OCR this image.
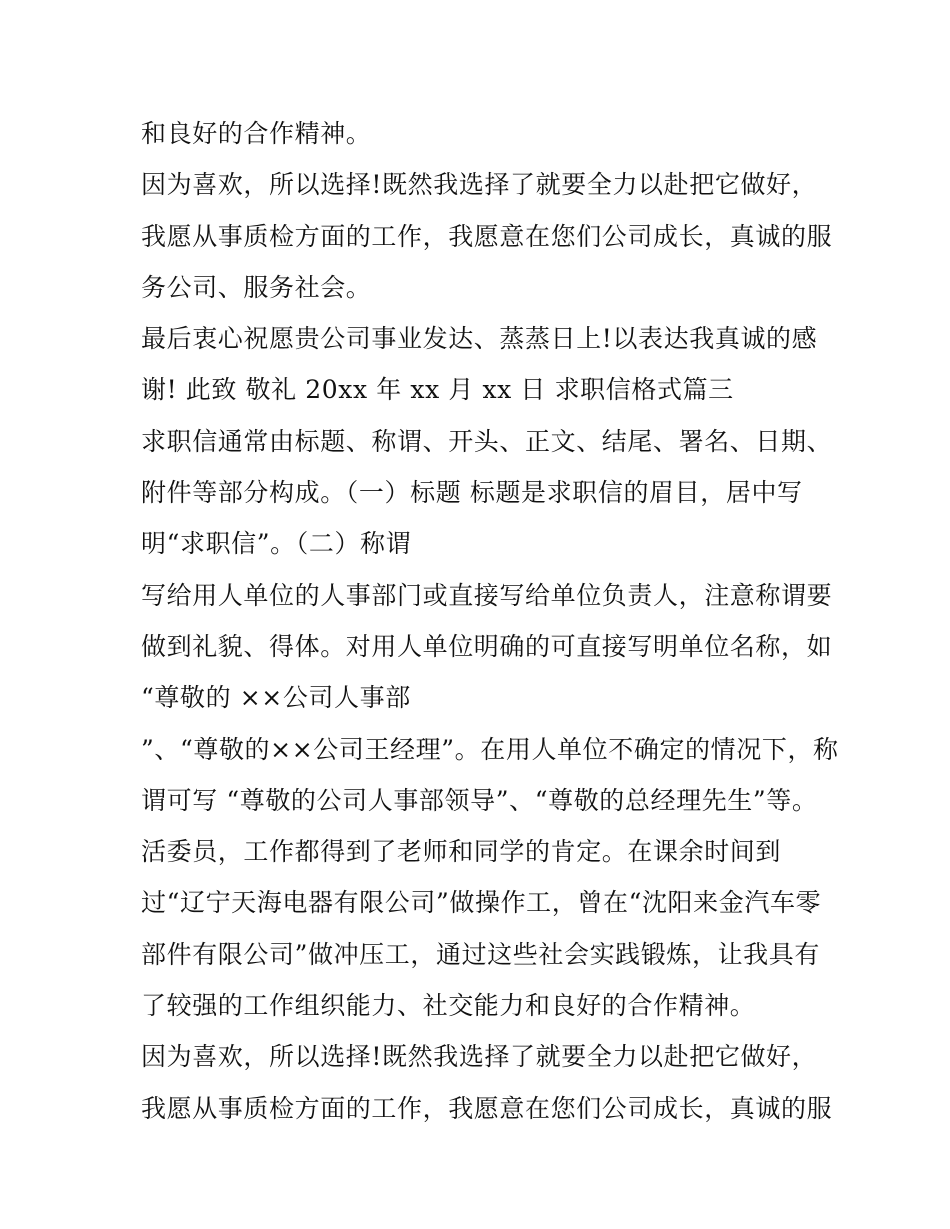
和良好的合作精神。
因为喜欢，所以选择!既然我选择了就要全力以赴把它做好，
我愿从事质检方面的工作，我愿意在您们公司成长，真诚的服
务公司、服务社会。
最后衷心祝愿贵公司事业发达、蒸蒸日上!以表达我真诚的感
谢! 此致 敬礼 20xx 年 xx 月 xx 日 求职信格式篇三
求职信通常由标题、称谓、开头、正文、结尾、署名、日期、
附件等部分构成。（一）标题 标题是求职信的眉目，居中写
明“求职信”。（二）称谓
写给用人单位的人事部门或直接写给单位负责人，注意称谓要
做到礼貌、得体。对用人单位明确的可直接写明单位名称，如
“尊敬的 ××公司人事部
”、“尊敬的××公司王经理”。在用人单位不确定的情况下，称
谓可写 “尊敬的公司人事部领导”、“尊敬的总经理先生”等。
活委员，工作都得到了老师和同学的肯定。在课余时间到
过“辽宁天海电器有限公司”做操作工，曾在“沈阳来金汽车零
部件有限公司”做冲压工，通过这些社会实践锻炼，让我具有
了较强的工作组织能力、社交能力和良好的合作精神。
因为喜欢，所以选择!既然我选择了就要全力以赴把它做好，
我愿从事质检方面的工作，我愿意在您们公司成长，真诚的服
